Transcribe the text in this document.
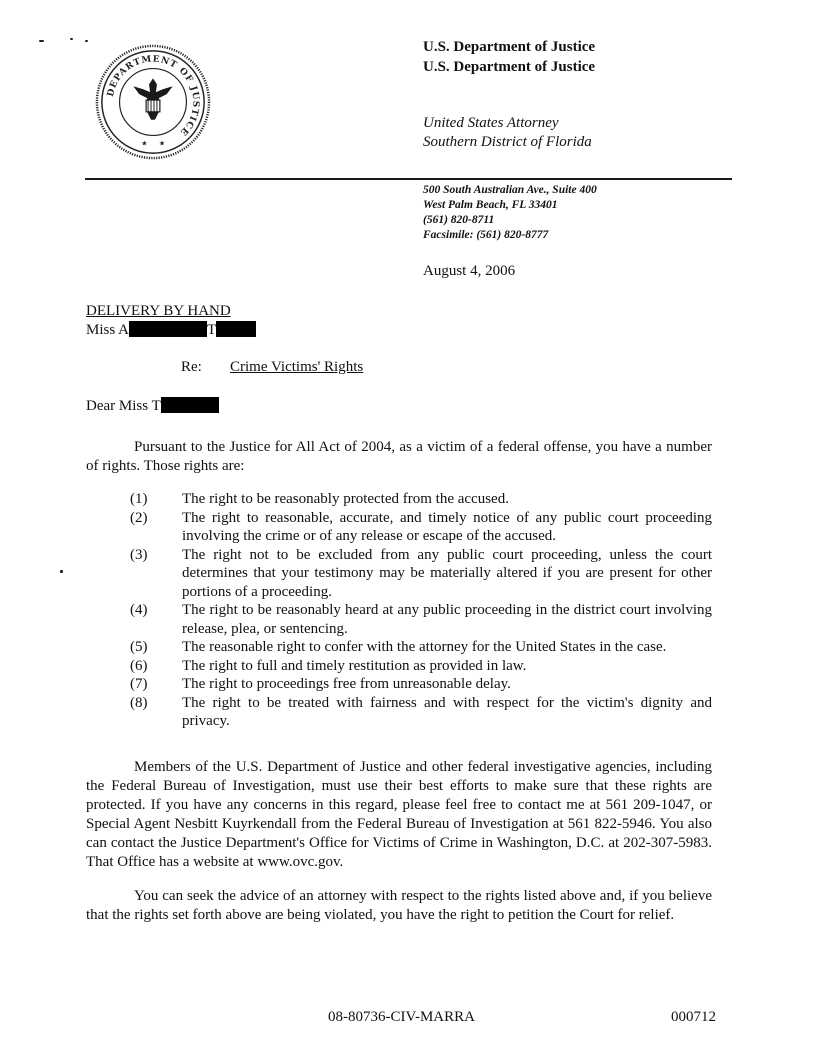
DEPARTMENT OF JUSTICE
★ ★
U.S. Department of Justice
U.S. Department of Justice
United States Attorney
Southern District of Florida
500 South Australian Ave., Suite 400
West Palm Beach, FL 33401
(561) 820-8711
Facsimile: (561) 820-8777
August 4, 2006
DELIVERY BY HAND
Miss A	T
Re: Crime Victims' Rights
Dear Miss T

Pursuant to the Justice for All Act of 2004, as a victim of a federal offense, you have a number of rights. Those rights are:

(1) The right to be reasonably protected from the accused.
(2) The right to reasonable, accurate, and timely notice of any public court proceeding involving the crime or of any release or escape of the accused.
(3) The right not to be excluded from any public court proceeding, unless the court determines that your testimony may be materially altered if you are present for other portions of a proceeding.
(4) The right to be reasonably heard at any public proceeding in the district court involving release, plea, or sentencing.
(5) The reasonable right to confer with the attorney for the United States in the case.
(6) The right to full and timely restitution as provided in law.
(7) The right to proceedings free from unreasonable delay.
(8) The right to be treated with fairness and with respect for the victim's dignity and privacy.

Members of the U.S. Department of Justice and other federal investigative agencies, including the Federal Bureau of Investigation, must use their best efforts to make sure that these rights are protected. If you have any concerns in this regard, please feel free to contact me at 561 209-1047, or Special Agent Nesbitt Kuyrkendall from the Federal Bureau of Investigation at 561 822-5946. You also can contact the Justice Department's Office for Victims of Crime in Washington, D.C. at 202-307-5983. That Office has a website at www.ovc.gov.

You can seek the advice of an attorney with respect to the rights listed above and, if you believe that the rights set forth above are being violated, you have the right to petition the Court for relief.

08-80736-CIV-MARRA	000712
